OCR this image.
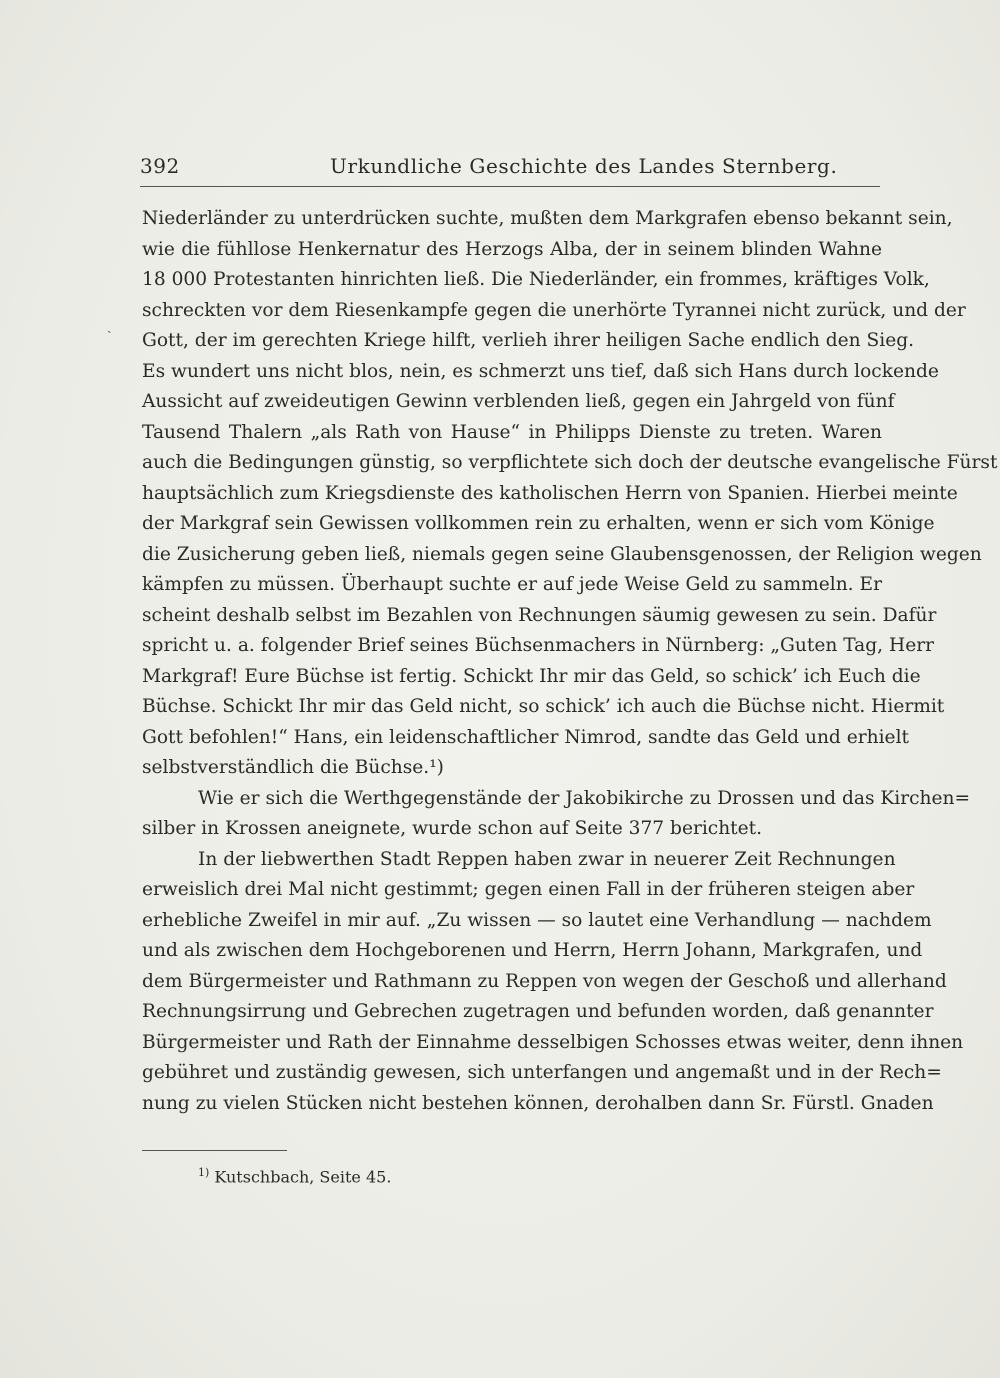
392	Urkundliche Geschichte des Landes Sternberg.
ˏ
Niederländer zu unterdrücken suchte, mußten dem Markgrafen ebenso bekannt sein,
wie die fühllose Henkernatur des Herzogs Alba, der in seinem blinden Wahne
18 000 Protestanten hinrichten ließ. Die Niederländer, ein frommes, kräftiges Volk,
schreckten vor dem Riesenkampfe gegen die unerhörte Tyrannei nicht zurück, und der
Gott, der im gerechten Kriege hilft, verlieh ihrer heiligen Sache endlich den Sieg.
Es wundert uns nicht blos, nein, es schmerzt uns tief, daß sich Hans durch lockende
Aussicht auf zweideutigen Gewinn verblenden ließ, gegen ein Jahrgeld von fünf
Tausend Thalern „als Rath von Hause“ in Philipps Dienste zu treten. Waren
auch die Bedingungen günstig, so verpflichtete sich doch der deutsche evangelische Fürst
hauptsächlich zum Kriegsdienste des katholischen Herrn von Spanien. Hierbei meinte
der Markgraf sein Gewissen vollkommen rein zu erhalten, wenn er sich vom Könige
die Zusicherung geben ließ, niemals gegen seine Glaubensgenossen, der Religion wegen
kämpfen zu müssen. Überhaupt suchte er auf jede Weise Geld zu sammeln. Er
scheint deshalb selbst im Bezahlen von Rechnungen säumig gewesen zu sein. Dafür
spricht u. a. folgender Brief seines Büchsenmachers in Nürnberg: „Guten Tag, Herr
Markgraf! Eure Büchse ist fertig. Schickt Ihr mir das Geld, so schick’ ich Euch die
Büchse. Schickt Ihr mir das Geld nicht, so schick’ ich auch die Büchse nicht. Hiermit
Gott befohlen!“ Hans, ein leidenschaftlicher Nimrod, sandte das Geld und erhielt
selbstverständlich die Büchse.¹)
Wie er sich die Werthgegenstände der Jakobikirche zu Drossen und das Kirchen=
silber in Krossen aneignete, wurde schon auf Seite 377 berichtet.
In der liebwerthen Stadt Reppen haben zwar in neuerer Zeit Rechnungen
erweislich drei Mal nicht gestimmt; gegen einen Fall in der früheren steigen aber
erhebliche Zweifel in mir auf. „Zu wissen — so lautet eine Verhandlung — nachdem
und als zwischen dem Hochgeborenen und Herrn, Herrn Johann, Markgrafen, und
dem Bürgermeister und Rathmann zu Reppen von wegen der Geschoß und allerhand
Rechnungsirrung und Gebrechen zugetragen und befunden worden, daß genannter
Bürgermeister und Rath der Einnahme desselbigen Schosses etwas weiter, denn ihnen
gebühret und zuständig gewesen, sich unterfangen und angemaßt und in der Rech=
nung zu vielen Stücken nicht bestehen können, derohalben dann Sr. Fürstl. Gnaden
$^{1)}$ Kutschbach, Seite 45.
